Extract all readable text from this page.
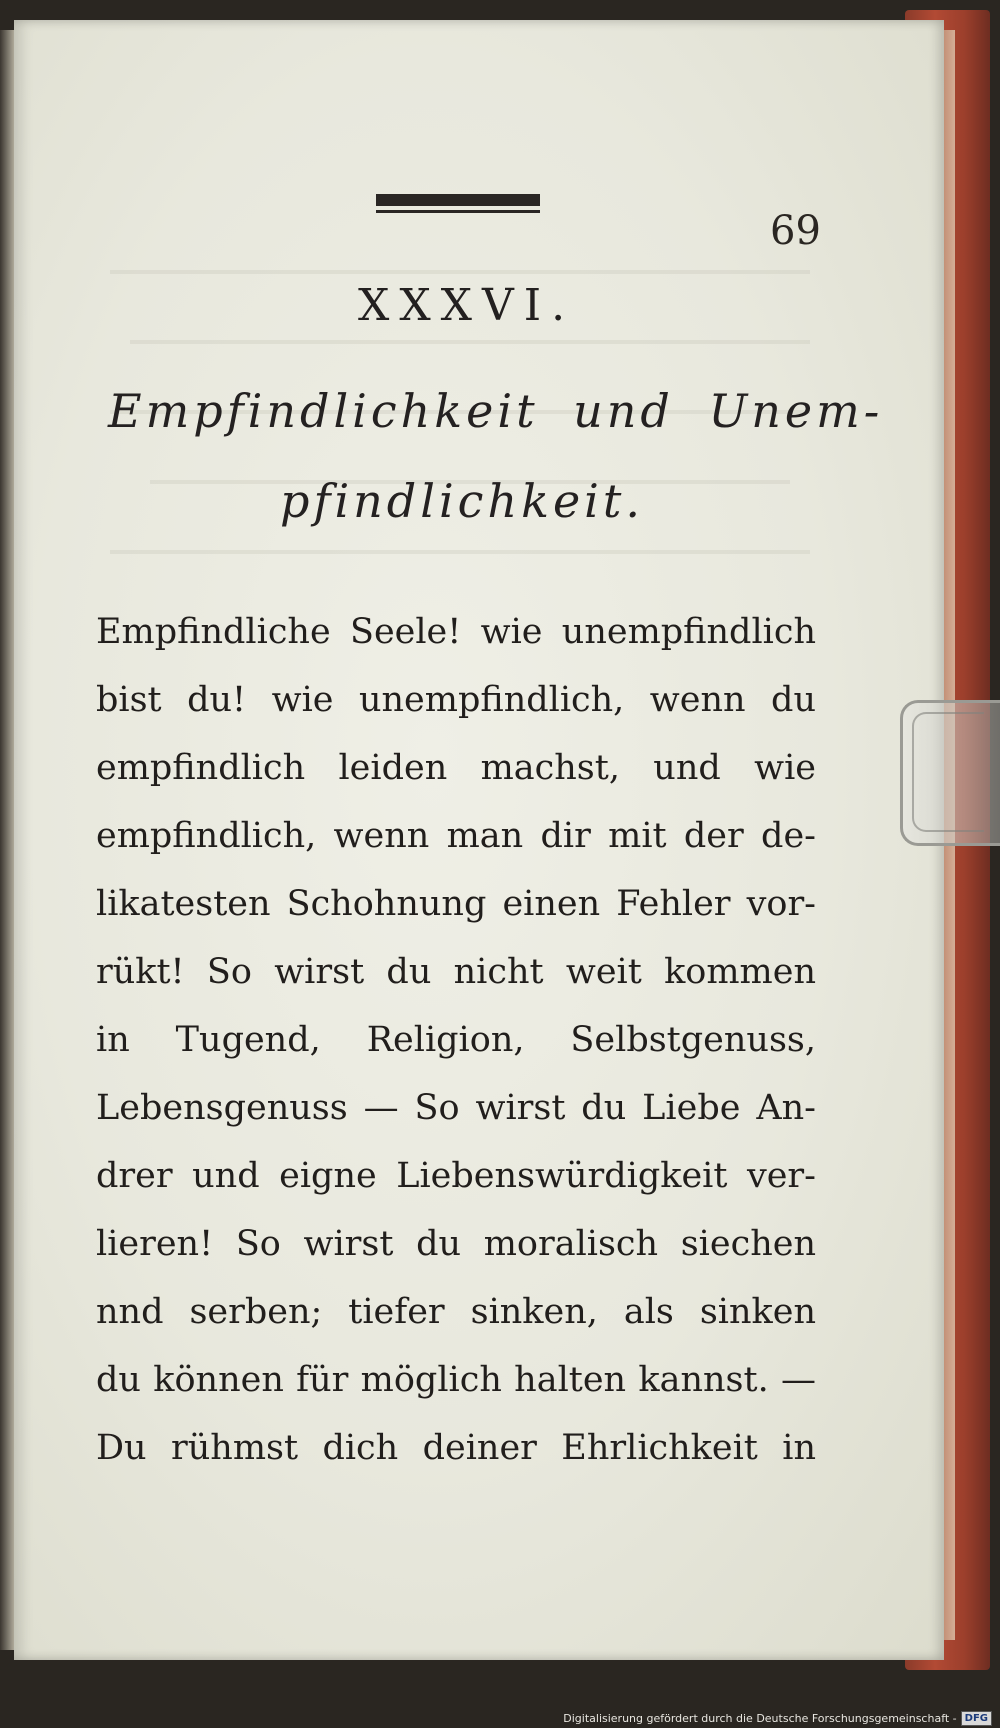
69
XXXVI.
Empfindlichkeit und Unem-
pfindlichkeit.
Empfindliche Seele! wie unempfindlich
bist du! wie unempfindlich, wenn du
empfindlich leiden machst, und wie
empfindlich, wenn man dir mit der de-
likatesten Schohnung einen Fehler vor-
rükt! So wirst du nicht weit kommen
in Tugend, Religion, Selbstgenuss,
Lebensgenuss — So wirst du Liebe An-
drer und eigne Liebenswürdigkeit ver-
lieren! So wirst du moralisch siechen
nnd serben; tiefer sinken, als sinken
du können für möglich halten kannst. —
Du rühmst dich deiner Ehrlichkeit in
Digitalisierung gefördert durch die Deutsche Forschungsgemeinschaft - DFG
